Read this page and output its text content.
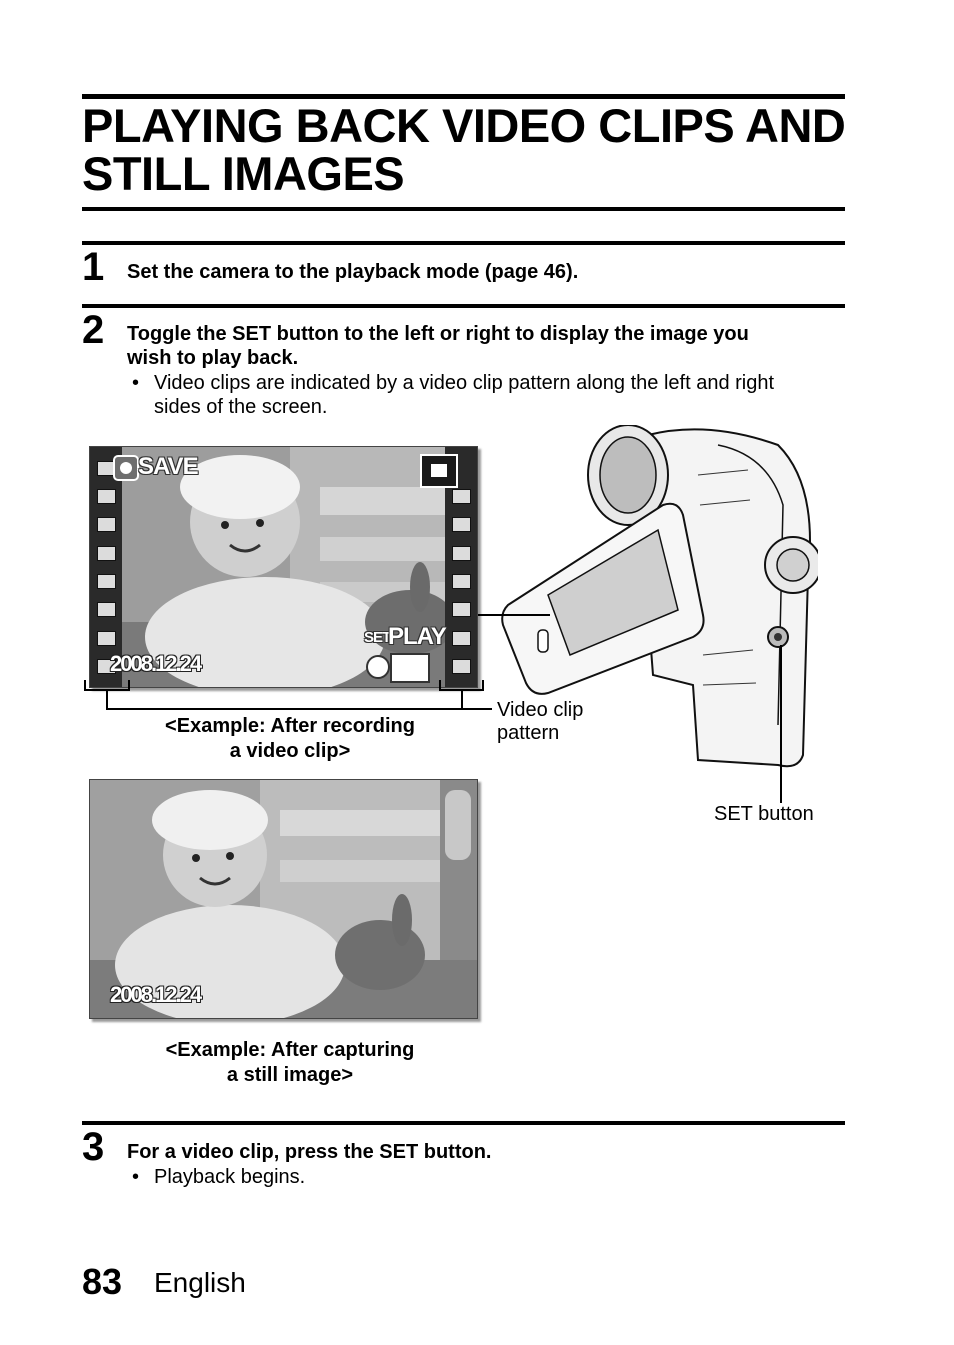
PLAYING BACK VIDEO CLIPS AND
STILL IMAGES
1 Set the camera to the playback mode (page 46).
2 Toggle the SET button to the left or right to display the image you
wish to play back.
• Video clips are indicated by a video clip pattern along the left and right
sides of the screen.
SAVE
SET
PLAY
2008.12.24
<Example: After recording
a video clip>
Video clip
pattern
SET button
2008.12.24
<Example: After capturing
a still image>
3 For a video clip, press the SET button.
• Playback begins.
83 English
